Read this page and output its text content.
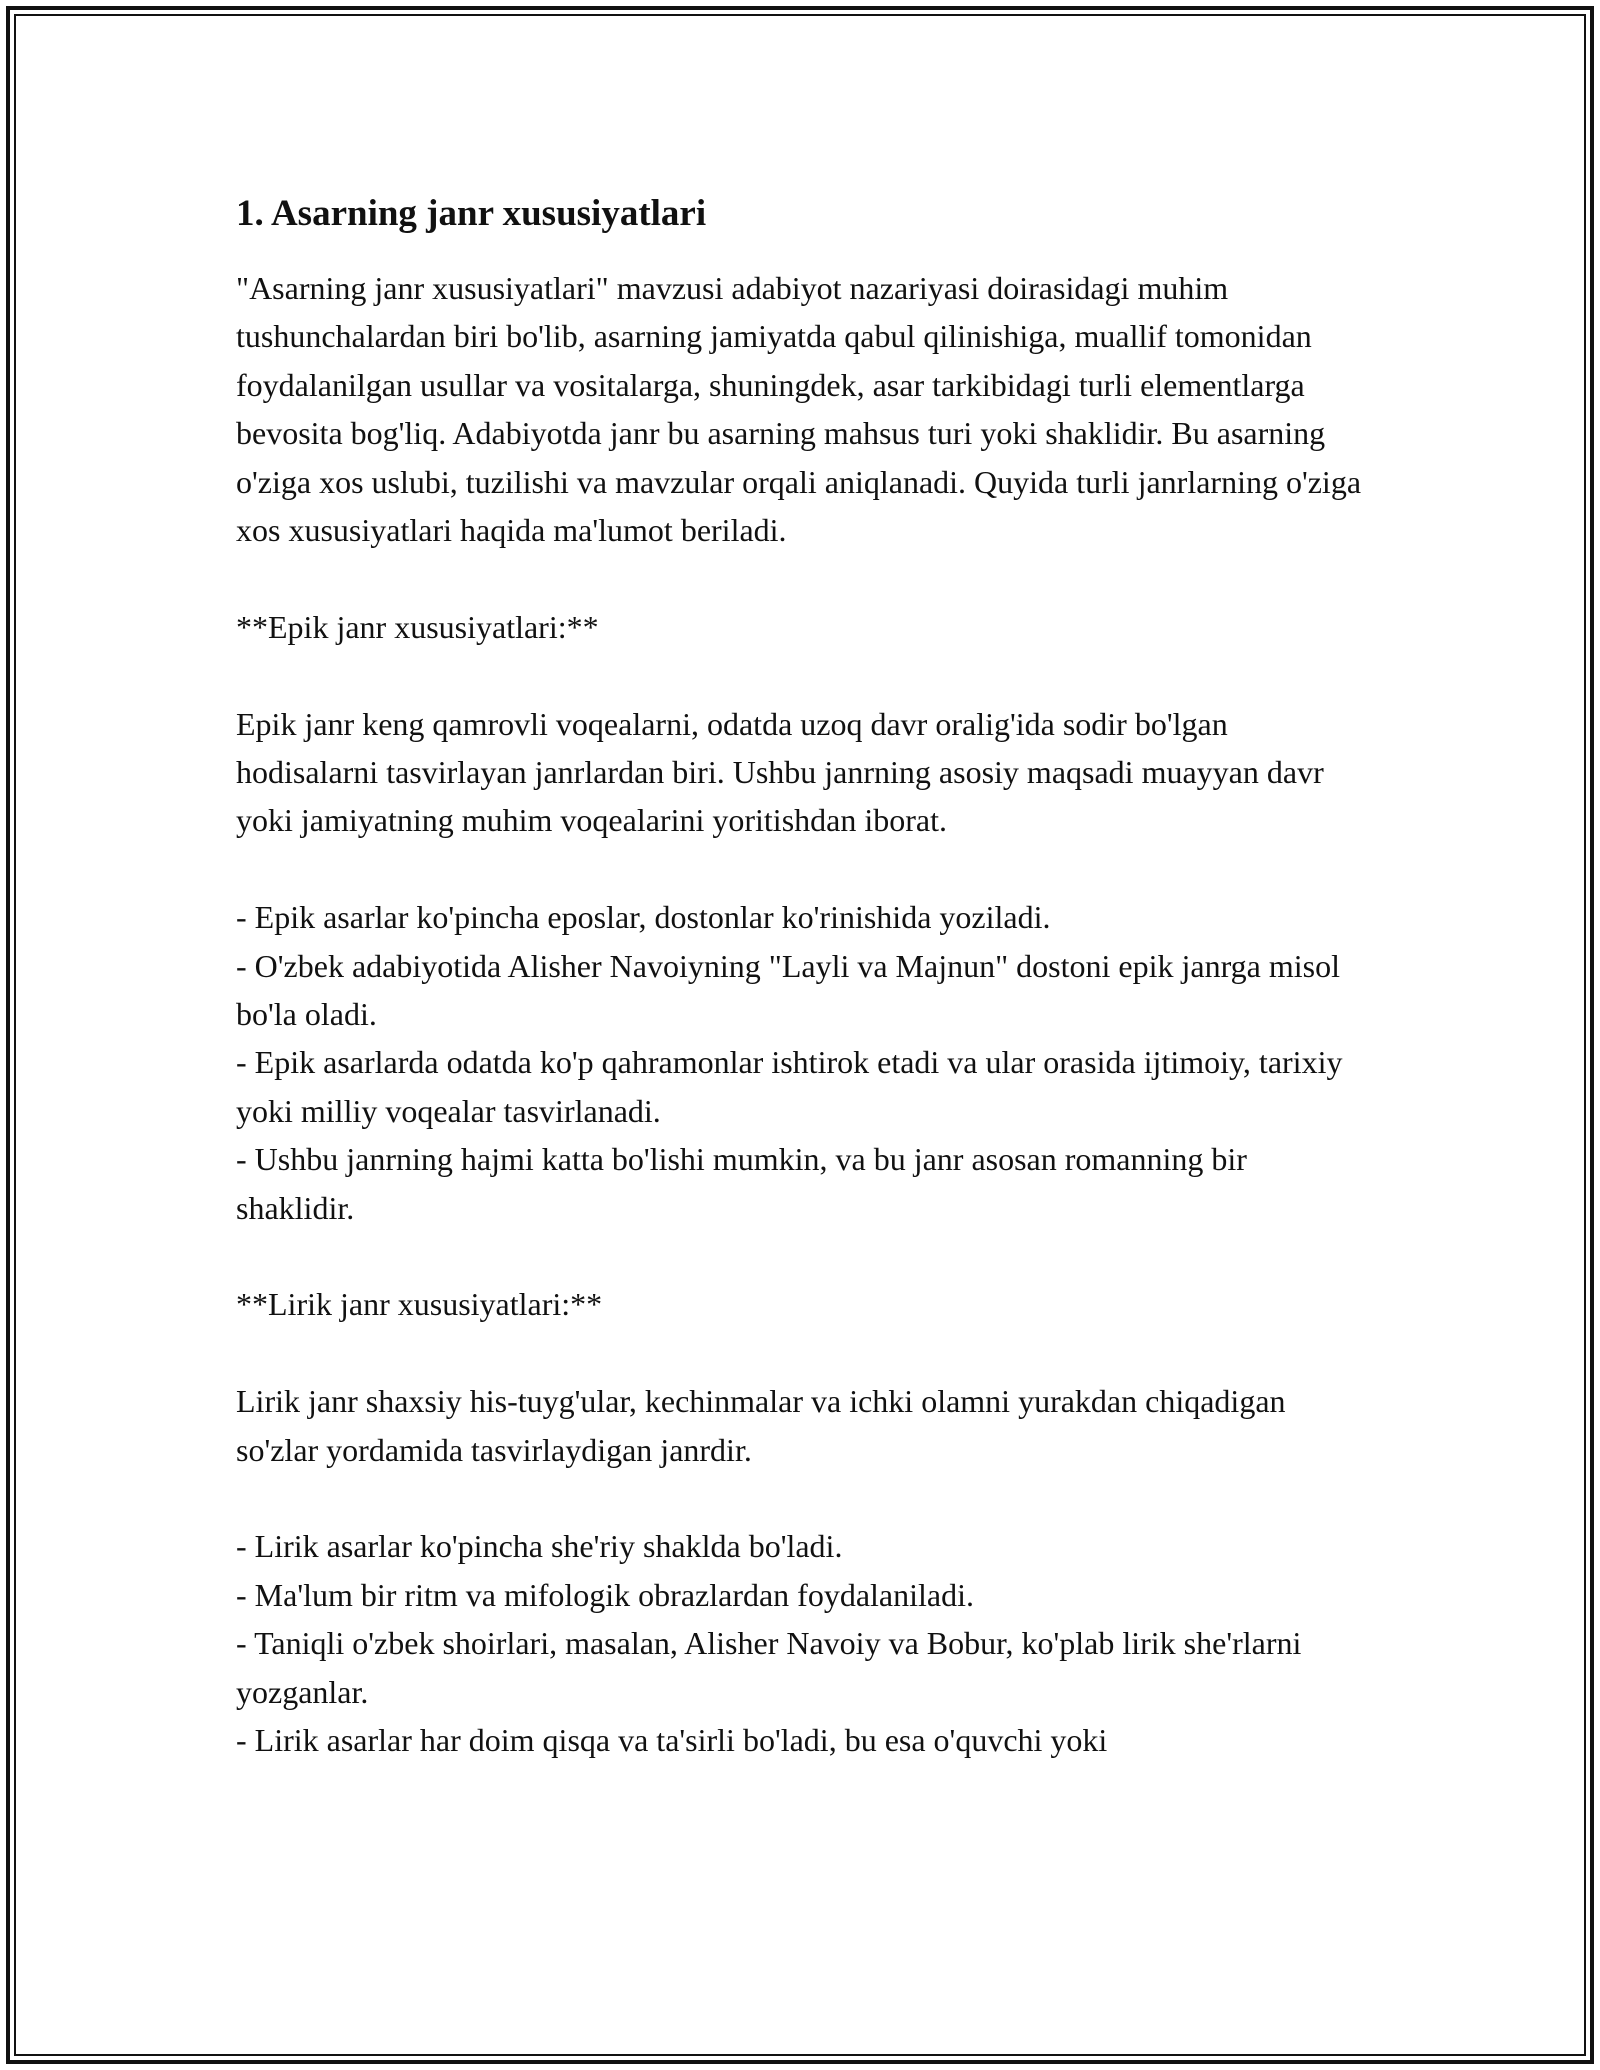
1. Asarning janr xususiyatlari

"Asarning janr xususiyatlari" mavzusi adabiyot nazariyasi doirasidagi muhim tushunchalardan biri bo'lib, asarning jamiyatda qabul qilinishiga, muallif tomonidan foydalanilgan usullar va vositalarga, shuningdek, asar tarkibidagi turli elementlarga bevosita bog'liq. Adabiyotda janr bu asarning mahsus turi yoki shaklidir. Bu asarning o'ziga xos uslubi, tuzilishi va mavzular orqali aniqlanadi. Quyida turli janrlarning o'ziga xos xususiyatlari haqida ma'lumot beriladi.

**Epik janr xususiyatlari:**

Epik janr keng qamrovli voqealarni, odatda uzoq davr oralig'ida sodir bo'lgan hodisalarni tasvirlayan janrlardan biri. Ushbu janrning asosiy maqsadi muayyan davr yoki jamiyatning muhim voqealarini yoritishdan iborat.

- Epik asarlar ko'pincha eposlar, dostonlar ko'rinishida yoziladi.

- O'zbek adabiyotida Alisher Navoiyning "Layli va Majnun" dostoni epik janrga misol bo'la oladi.

- Epik asarlarda odatda ko'p qahramonlar ishtirok etadi va ular orasida ijtimoiy, tarixiy yoki milliy voqealar tasvirlanadi.

- Ushbu janrning hajmi katta bo'lishi mumkin, va bu janr asosan romanning bir shaklidir.

**Lirik janr xususiyatlari:**

Lirik janr shaxsiy his-tuyg'ular, kechinmalar va ichki olamni yurakdan chiqadigan so'zlar yordamida tasvirlaydigan janrdir.

- Lirik asarlar ko'pincha she'riy shaklda bo'ladi.

- Ma'lum bir ritm va mifologik obrazlardan foydalaniladi.

- Taniqli o'zbek shoirlari, masalan, Alisher Navoiy va Bobur, ko'plab lirik she'rlarni yozganlar.

- Lirik asarlar har doim qisqa va ta'sirli bo'ladi, bu esa o'quvchi yoki
